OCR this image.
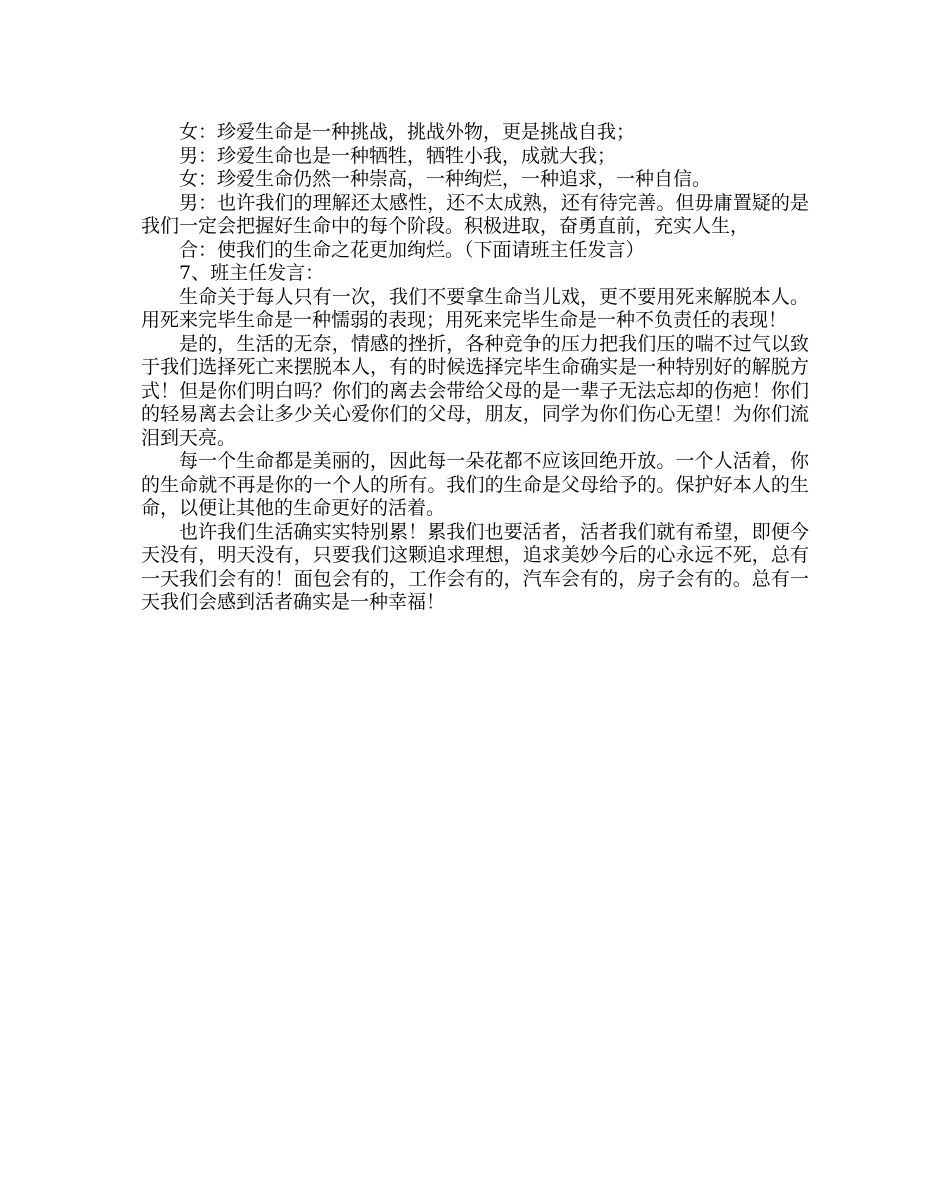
女：珍爱生命是一种挑战，挑战外物，更是挑战自我；

男：珍爱生命也是一种牺牲，牺牲小我，成就大我；

女：珍爱生命仍然一种崇高，一种绚烂，一种追求，一种自信。

男：也许我们的理解还太感性，还不太成熟，还有待完善。但毋庸置疑的是我们一定会把握好生命中的每个阶段。积极进取，奋勇直前，充实人生，

合：使我们的生命之花更加绚烂。（下面请班主任发言）

7、班主任发言：

生命关于每人只有一次，我们不要拿生命当儿戏，更不要用死来解脱本人。用死来完毕生命是一种懦弱的表现；用死来完毕生命是一种不负责任的表现！

是的，生活的无奈，情感的挫折，各种竞争的压力把我们压的喘不过气以致于我们选择死亡来摆脱本人，有的时候选择完毕生命确实是一种特别好的解脱方式！但是你们明白吗？你们的离去会带给父母的是一辈子无法忘却的伤疤！你们的轻易离去会让多少关心爱你们的父母，朋友，同学为你们伤心无望！为你们流泪到天亮。

每一个生命都是美丽的，因此每一朵花都不应该回绝开放。一个人活着，你的生命就不再是你的一个人的所有。我们的生命是父母给予的。保护好本人的生命，以便让其他的生命更好的活着。

也许我们生活确实实特别累！累我们也要活者，活者我们就有希望，即便今天没有，明天没有，只要我们这颗追求理想，追求美妙今后的心永远不死，总有一天我们会有的！面包会有的，工作会有的，汽车会有的，房子会有的。总有一天我们会感到活者确实是一种幸福！
